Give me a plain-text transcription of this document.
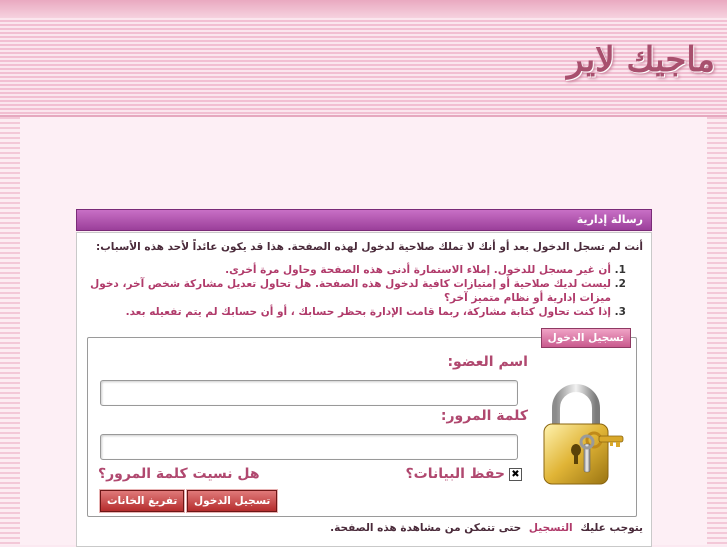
ماجيك لاير
رسالة إدارية
أنت لم تسجل الدخول بعد أو أنك لا تملك صلاحية لدخول لهذه الصفحة. هذا قد يكون عائداً لأحد هذه الأسباب:
1. أن غير مسجل للدخول. إملاء الاستمارة أدنى هذه الصفحة وحاول مرة أخرى.
2. ليست لديك صلاحية أو إمتيازات كافية لدخول هذه الصفحة. هل تحاول تعديل مشاركة شخص آخر، دخول ميزات إدارية أو نظام متميز آخر؟
3. إذا كنت تحاول كتابة مشاركة، ربما قامت الإدارة بحظر حسابك ، أو أن حسابك لم يتم تفعيله بعد.
تسجيل الدخول
اسم العضو:
كلمة المرور:
✖
حفظ البيانات؟
هل نسيت كلمة المرور؟
تسجيل الدخول
تفريغ الخانات
يتوجب عليك التسجيل حتى تتمكن من مشاهدة هذه الصفحة.
